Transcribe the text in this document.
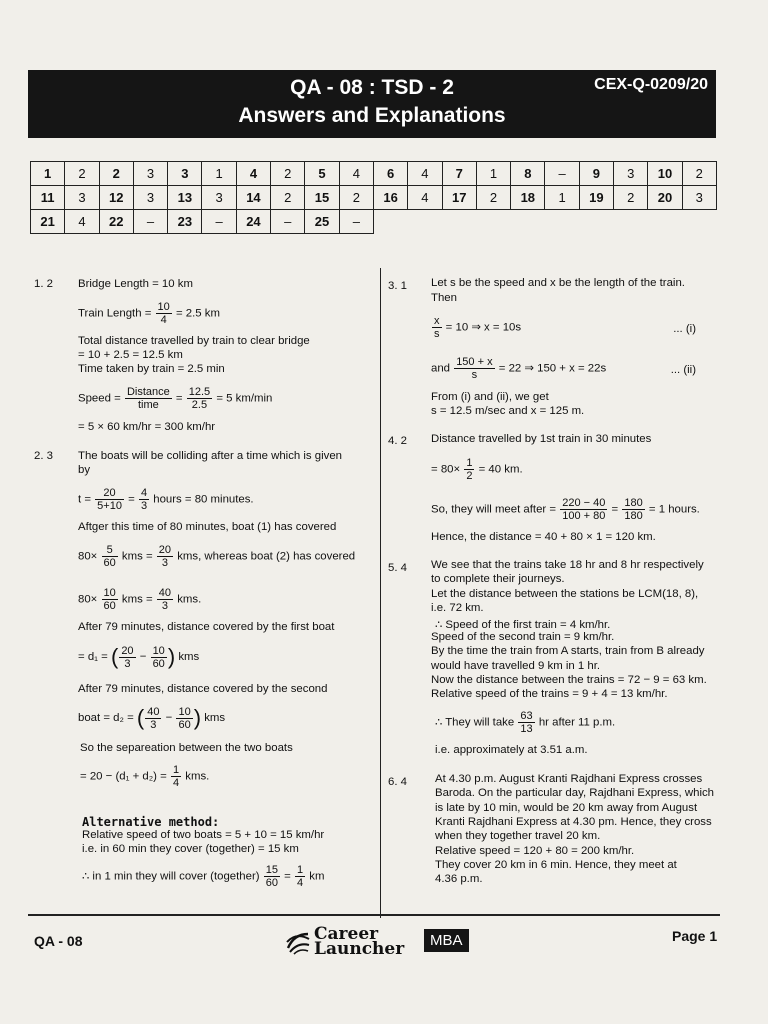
QA - 08 : TSD - 2
Answers and Explanations
CEX-Q-0209/20
1	2	2	3	3	1	4	2	5	4	6	4	7	1	8	–	9	3	10	2
11	3	12	3	13	3	14	2	15	2	16	4	17	2	18	1	19	2	20	3
21	4	22	–	23	–	24	–	25	–										
1. 2 Bridge Length = 10 km
Train Length = $\frac{10}{4} = 2.5$ km
Total distance travelled by train to clear bridge
= 10 + 2.5 = 12.5 km
Time taken by train = 2.5 min
Speed = $\frac{\text{Distance}}{\text{time}} = \frac{12.5}{2.5} = 5$ km/min
= 5 × 60 km/hr = 300 km/hr
2. 3 The boats will be colliding after a time which is given
by
$t = \frac{20}{5+10} = \frac{4}{3}$ hours = 80 minutes.
Aftger this time of 80 minutes, boat (1) has covered
$80\times \frac{5}{60}$ kms = $\frac{20}{3}$ kms, whereas boat (2) has covered
$80\times \frac{10}{60}$ kms = $\frac{40}{3}$ kms.
After 79 minutes, distance covered by the first boat
= d₁ = ( $\frac{20}{3} - \frac{10}{60}$ ) kms
After 79 minutes, distance covered by the second
boat = d₂ = ( $\frac{40}{3} - \frac{10}{60}$ ) kms
So the separeation between the two boats
= $20 - (d_1 + d_2) = \frac{1}{4}$ kms.
Alternative method:
Relative speed of two boats = 5 + 10 = 15 km/hr
i.e. in 60 min they cover (together) = 15 km
∴ in 1 min they will cover (together) $\frac{15}{60} = \frac{1}{4}$ km
3. 1 Let s be the speed and x be the length of the train.
Then
$\frac{x}{s} = 10$ ⇒ x = 10s	... (i)
and $\frac{150 + x}{s} = 22$ ⇒ 150 + x = 22s	... (ii)
From (i) and (ii), we get
s = 12.5 m/sec and x = 125 m.
4. 2 Distance travelled by 1st train in 30 minutes
= $80\times \frac{1}{2} = 40$ km.
So, they will meet after = $\frac{220 - 40}{100 + 80} = \frac{180}{180} = 1$ hours.
Hence, the distance = 40 + 80 × 1 = 120 km.
5. 4 We see that the trains take 18 hr and 8 hr respectively
to complete their journeys.
Let the distance between the stations be LCM(18, 8),
i.e. 72 km.
∴ Speed of the first train = 4 km/hr.
Speed of the second train = 9 km/hr.
By the time the train from A starts, train from B already
would have travelled 9 km in 1 hr.
Now the distance between the trains = 72 − 9 = 63 km.
Relative speed of the trains = 9 + 4 = 13 km/hr.
∴ They will take $\frac{63}{13}$ hr after 11 p.m.
i.e. approximately at 3.51 a.m.
6. 4 At 4.30 p.m. August Kranti Rajdhani Express crosses
Baroda. On the particular day, Rajdhani Express, which
is late by 10 min, would be 20 km away from August
Kranti Rajdhani Express at 4.30 pm. Hence, they cross
when they together travel 20 km.
Relative speed = 120 + 80 = 200 km/hr.
They cover 20 km in 6 min. Hence, they meet at
4.36 p.m.
QA - 08	Career
Launcher	MBA	Page 1
